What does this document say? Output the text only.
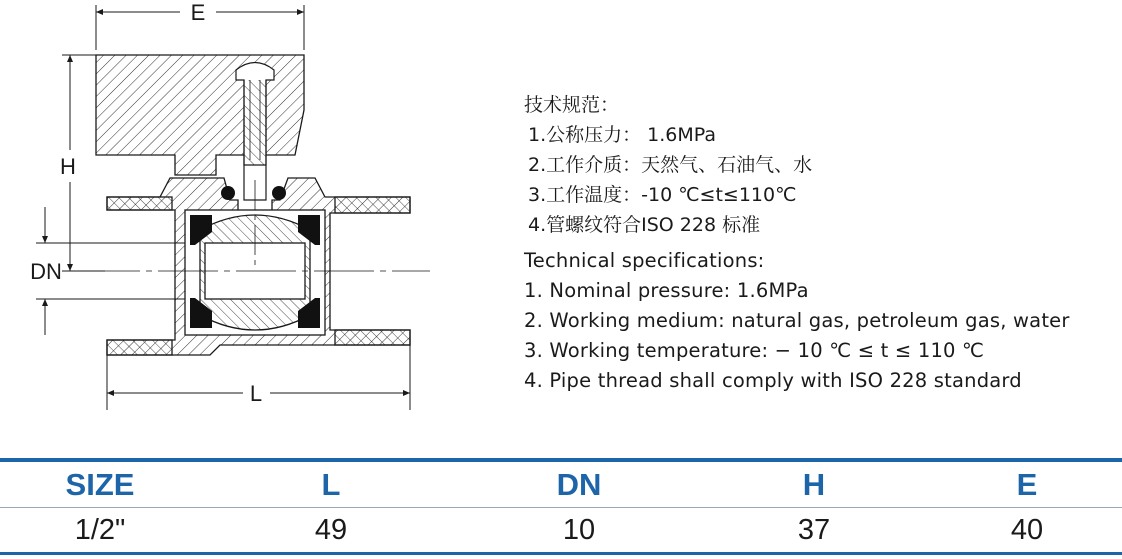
E
H
DN
L
技术规范：
1.公称压力： 1.6MPa
2.工作介质：天然气、石油气、水
3.工作温度：-10 ℃≤t≤110℃
4.管螺纹符合ISO 228 标准
Technical specifications:
1. Nominal pressure: 1.6MPa
2. Working medium: natural gas, petroleum gas, water
3. Working temperature: − 10 ℃ ≤ t ≤ 110 ℃
4. Pipe thread shall comply with ISO 228 standard
SIZE	L	DN	H	E
1/2"	49	10	37	40
